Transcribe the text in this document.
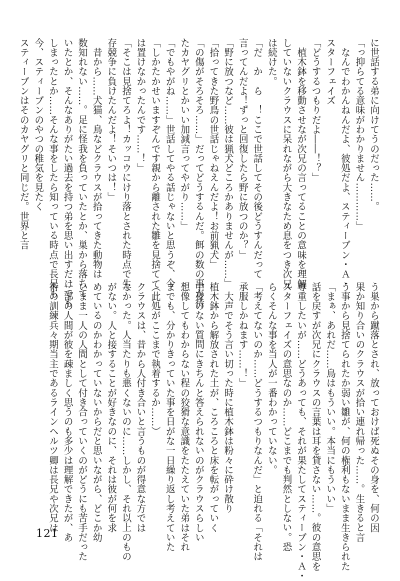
に世話する弟に向けてうのだった……。
「っ抑らてる意味がわかりません…………」
　なんでわかんねんだよ、彼処だよ、スティーブン・Ａ・
スターフェイズ
「どうするつもりだよ――！？」
　植木鉢を移動させなが次兄の言ってることの意味を理解
していないクラウスに呆れながら大きなため息をつき次兄
は続けた。
「だ　か　ら　！ここで世話してその後どうすんだって
言ってんだよ！ずっと回復したら野に放つのか？」
「野に放つなど……彼は猟犬どころかありませんが……」
「拾ってきた野鳥の世話じゃねえんだよ！お前猟犬」
「の傷がそろそろ……」だってどうするんだ。餌の数の事が待
たカヤグリとかいい加減言ってやがり……」
「でもやがね……」世話してやる話じゃないと思うぞ、今
「しかたかせいますぞんです親から離された雛を見捨てて
は置けなかったんです……！」
「そこは見捨てろよ！カッコウにけり落とされた時点で生
存競争に負けたんだよ！そいつは！」
　昔から……犬猫、鳥などクラウスが拾ってきた動物は
数知れない……。足に怪我を負っていたとか、巣から落ちて
いたとか、そんなありがたい過去を持つ弟を思い出すだけでも
しまったとか……そんな事をしたら知っている時点で長兄も
今、スティーブンのやつの稚気を見たく
スティーブンはそのカヤグリと同じだ。世界と言
う巣から蹴落とされ、放っておけば死ぬその身を、何の因
果か知り合いのクラウスが拾い連れ帰った……。生きると言
う事から見捨てられたか弱い雛が、何の権利もないまま生きられた
「まぁ、あれだ……鳥はもういい。本当にもういい」
話を戻すが次兄にクラウスの言葉は耳を貸さない……。彼の意思を
尊重したいが……どうあっても、それが果たしてスティーブン・Ａ・
スターフェイズの意思なのか……どこまでも判然としない。恐
らくそんな事を当人が一番わかっていない。
「考えてないのか……どうするつもりなんだ」と迫れる「それは
承服しかねます……！」
　大声でそう言い切った時に植木鉢は粉々に砕け散り
植木鉢から解放された土が、ころころと床を転がっていく
中身のない質問にきちんと答えられないのがクラウスらしい
想像してもわからない程の狡猾な意識をたたえていた弟はそれ
までも、分かりきっていた事を日がな一日繰り返し考えていた
（此処がここまで執着するか……）
クラウスは、昔から人付き合いと言うものが得意な方では
なかった。人当たりも悪くないのに……しかし、それ以上のもの
がない。人と接することが好きなのに、それは彼が何を求
めているのかわかっていないからだと思いながら、どこか幼
いまま一人の人間として付き合っていくのがどうにも苦手だった
一部の人間が彼を疎ましく思うのも多少は理解できたが、あ
術の訓練兵々期当主であるラインヘルツ卿は長兄や次兄は
121
